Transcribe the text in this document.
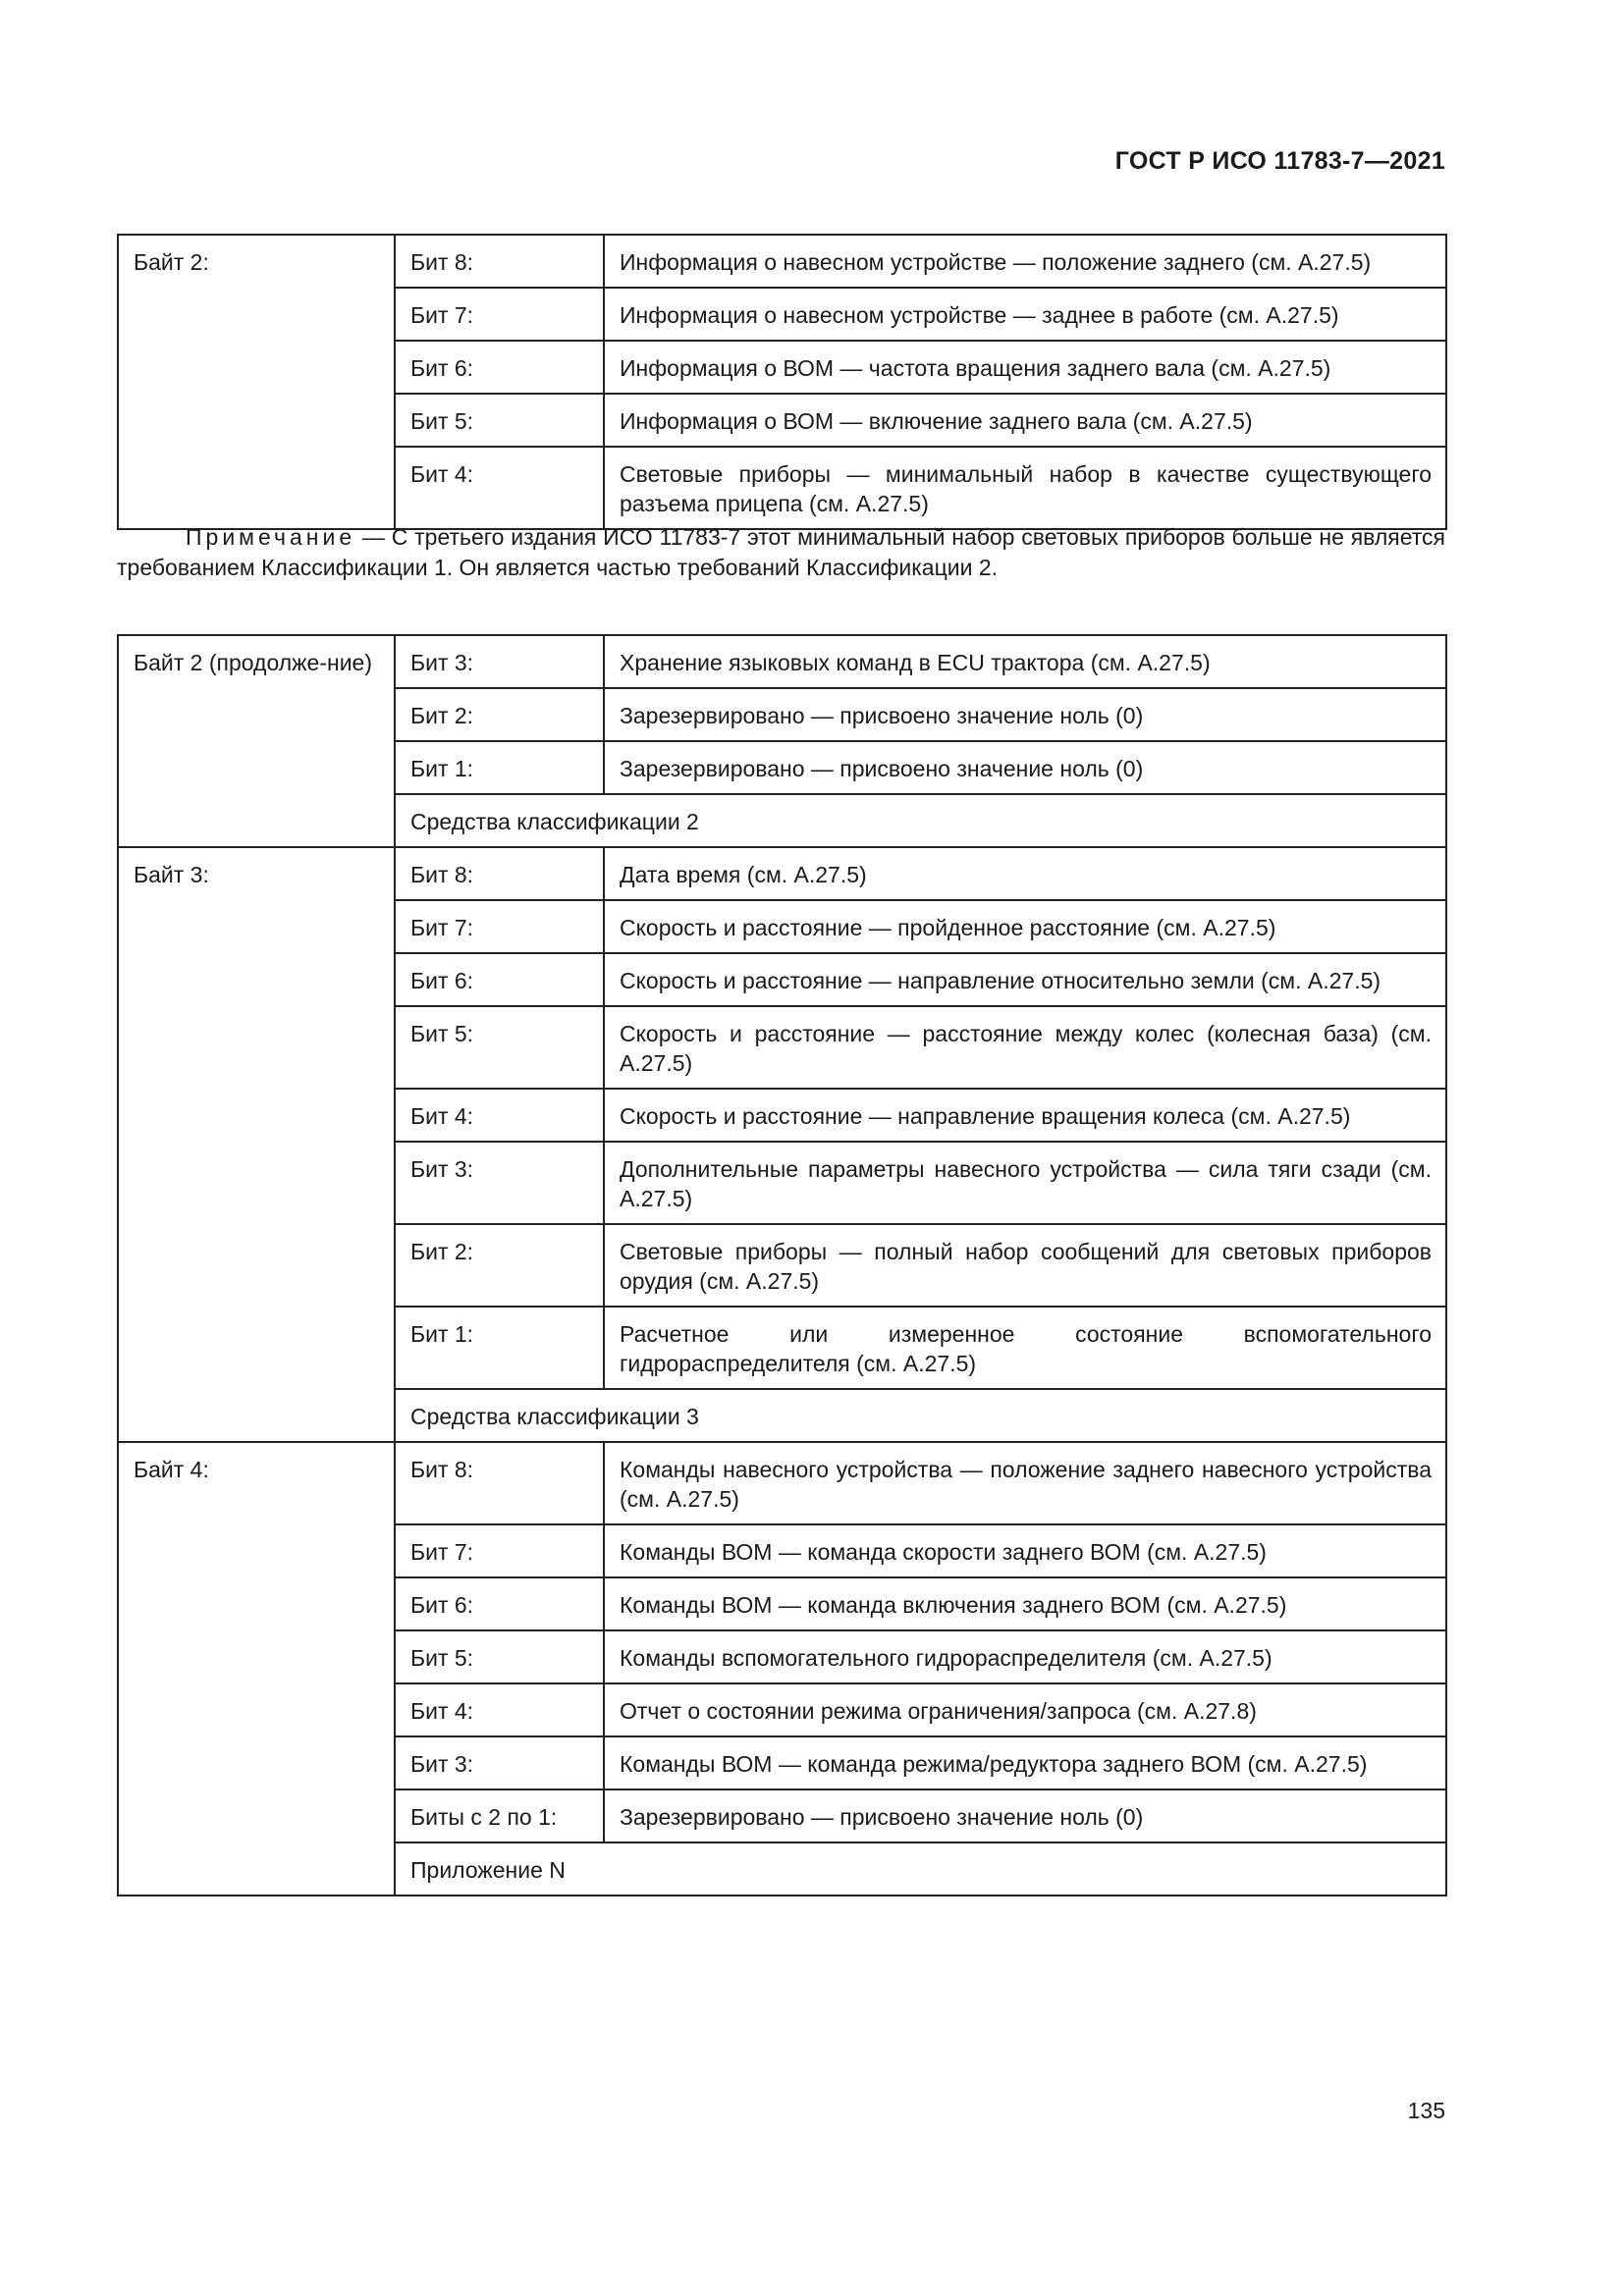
ГОСТ Р ИСО 11783-7—2021
Байт 2:	Бит 8:	Информация о навесном устройстве — положение заднего (см. А.27.5)
	Бит 7:	Информация о навесном устройстве — заднее в работе (см. А.27.5)
	Бит 6:	Информация о ВОМ — частота вращения заднего вала (см. А.27.5)
	Бит 5:	Информация о ВОМ — включение заднего вала (см. А.27.5)
	Бит 4:	Световые приборы — минимальный набор в качестве существующего разъема прицепа (см. А.27.5)

Примечание — С третьего издания ИСО 11783-7 этот минимальный набор световых приборов больше не является требованием Классификации 1. Он является частью требований Классификации 2.

Байт 2 (продолже-ние)	Бит 3:	Хранение языковых команд в ECU трактора (см. А.27.5)
	Бит 2:	Зарезервировано — присвоено значение ноль (0)
	Бит 1:	Зарезервировано — присвоено значение ноль (0)
	Средства классификации 2	
Байт 3:	Бит 8:	Дата время (см. А.27.5)
	Бит 7:	Скорость и расстояние — пройденное расстояние (см. А.27.5)
	Бит 6:	Скорость и расстояние — направление относительно земли (см. А.27.5)
	Бит 5:	Скорость и расстояние — расстояние между колес (колесная база) (см. А.27.5)
	Бит 4:	Скорость и расстояние — направление вращения колеса (см. А.27.5)
	Бит 3:	Дополнительные параметры навесного устройства — сила тяги сзади (см. А.27.5)
	Бит 2:	Световые приборы — полный набор сообщений для световых приборов орудия (см. А.27.5)
	Бит 1:	Расчетное или измеренное состояние вспомогательного гидрораспределителя (см. А.27.5)
	Средства классификации 3	
Байт 4:	Бит 8:	Команды навесного устройства — положение заднего навесного устройства (см. А.27.5)
	Бит 7:	Команды ВОМ — команда скорости заднего ВОМ (см. А.27.5)
	Бит 6:	Команды ВОМ — команда включения заднего ВОМ (см. А.27.5)
	Бит 5:	Команды вспомогательного гидрораспределителя (см. А.27.5)
	Бит 4:	Отчет о состоянии режима ограничения/запроса (см. А.27.8)
	Бит 3:	Команды ВОМ — команда режима/редуктора заднего ВОМ (см. А.27.5)
	Биты с 2 по 1:	Зарезервировано — присвоено значение ноль (0)
	Приложение N	
135
